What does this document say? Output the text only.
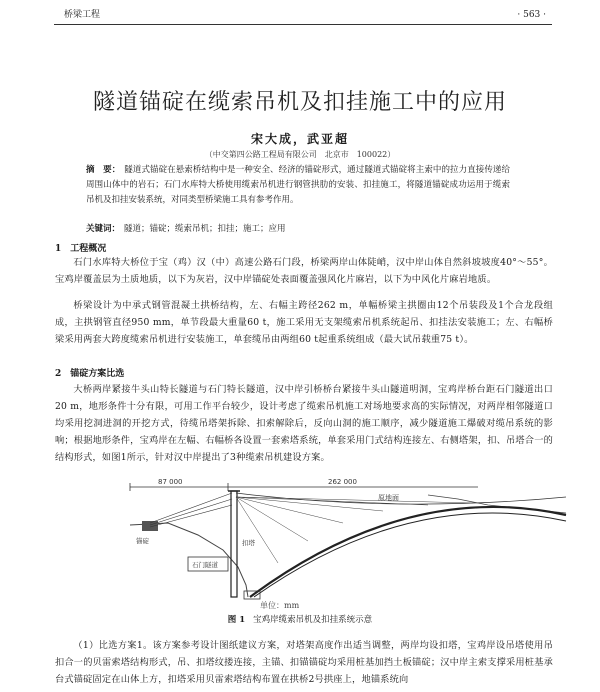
桥梁工程	· 563 ·
隧道锚碇在缆索吊机及扣挂施工中的应用
宋大成，武亚超
（中交第四公路工程局有限公司　北京市　100022）
摘　要： 隧道式锚碇在悬索桥结构中是一种安全、经济的锚碇形式，通过隧道式锚碇将主索中的拉力直接传递给周围山体中的岩石；石门水库特大桥使用缆索吊机进行钢管拱肋的安装、扣挂施工，将隧道锚碇成功运用于缆索吊机及扣挂安装系统，对同类型桥梁施工具有参考作用。
关键词： 隧道；锚碇；缆索吊机；扣挂；施工；应用
1　工程概况
石门水库特大桥位于宝（鸡）汉（中）高速公路石门段，桥梁两岸山体陡峭，汉中岸山体自然斜坡坡度40°～55°。宝鸡岸覆盖层为土质地质，以下为灰岩，汉中岸锚碇处表面覆盖强风化片麻岩，以下为中风化片麻岩地质。
桥梁设计为中承式钢管混凝土拱桥结构，左、右幅主跨径262 m，单幅桥梁主拱圈由12个吊装段及1个合龙段组成，主拱钢管直径950 mm，单节段最大重量60 t，施工采用无支架缆索吊机系统起吊、扣挂法安装施工；左、右幅桥梁采用两套大跨度缆索吊机进行安装施工，单套缆吊由两组60 t起重系统组成（最大试吊载重75 t）。
2　锚碇方案比选
大桥两岸紧接牛头山特长隧道与石门特长隧道，汉中岸引桥桥台紧接牛头山隧道明洞，宝鸡岸桥台距石门隧道出口20 m，地形条件十分有限，可用工作平台较少，设计考虑了缆索吊机施工对场地要求高的实际情况，对两岸相邻隧道口均采用挖洞进洞的开挖方式，待缆吊塔架拆除、扣索解除后，反向山洞的施工顺序，减少隧道施工爆破对缆吊系统的影响；根据地形条件，宝鸡岸在左幅、右幅桥各设置一套索塔系统，单套采用门式结构连接左、右侧塔架，扣、吊塔合一的结构形式，如图1所示，针对汉中岸提出了3种缆索吊机建设方案。
87 000	262 000
原地面
锚碇
石门隧道
扣塔
单位：mm
图 1 宝鸡岸缆索吊机及扣挂系统示意
（1）比选方案1。该方案参考设计图纸建议方案，对塔架高度作出适当调整，两岸均设扣塔，宝鸡岸设吊塔使用吊扣合一的贝雷索塔结构形式，吊、扣塔纹搂连接，主锚、扣锚锚碇均采用桩基加挡土板锚碇；汉中岸主索支撑采用桩基承台式锚碇固定在山体上方，扣塔采用贝雷索塔结构布置在拱桥2号拱座上，地锚系统向
